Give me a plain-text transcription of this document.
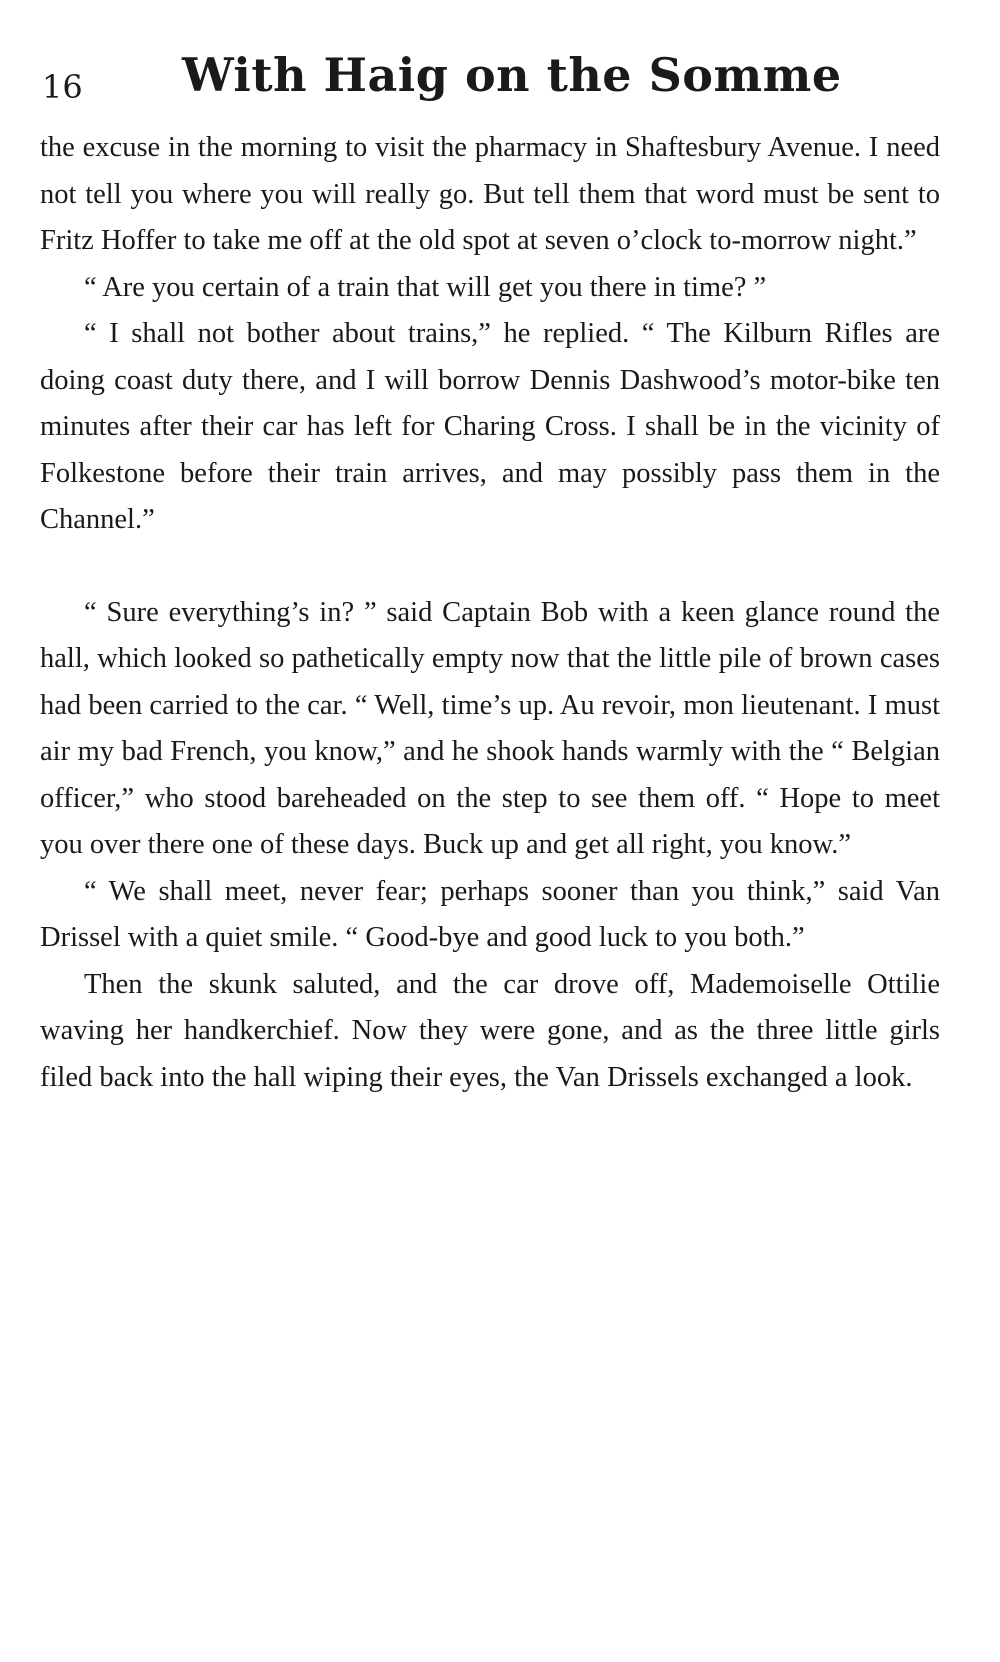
16 With Haig on the Somme

the excuse in the morning to visit the pharmacy in Shaftesbury Avenue. I need not tell you where you will really go. But tell them that word must be sent to Fritz Hoffer to take me off at the old spot at seven o’clock to-morrow night.”

“ Are you certain of a train that will get you there in time? ”

“ I shall not bother about trains,” he replied. “ The Kilburn Rifles are doing coast duty there, and I will borrow Dennis Dashwood’s motor-bike ten minutes after their car has left for Charing Cross. I shall be in the vicinity of Folkestone before their train arrives, and may possibly pass them in the Channel.”

“ Sure everything’s in? ” said Captain Bob with a keen glance round the hall, which looked so pathetically empty now that the little pile of brown cases had been carried to the car. “ Well, time’s up. Au revoir, mon lieutenant. I must air my bad French, you know,” and he shook hands warmly with the “ Belgian officer,” who stood bareheaded on the step to see them off. “ Hope to meet you over there one of these days. Buck up and get all right, you know.”

“ We shall meet, never fear; perhaps sooner than you think,” said Van Drissel with a quiet smile. “ Good-bye and good luck to you both.”

Then the skunk saluted, and the car drove off, Mademoiselle Ottilie waving her handkerchief. Now they were gone, and as the three little girls filed back into the hall wiping their eyes, the Van Drissels exchanged a look.
